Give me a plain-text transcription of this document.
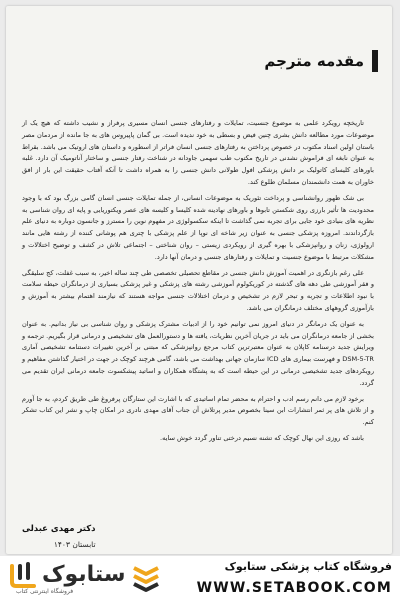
مقدمه مترجم

تاریخچه رویکرد علمی به موضوع جنسیت، تمایلات و رفتارهای جنسی انسان مسیری پرفراز و نشیب داشته که هیچ یک از موضوعات مورد مطالعه دانش بشری چنین فیض و بسطی به خود ندیده است. بی گمان پاپیروس های به جا مانده از مردمان مصر باستان اولین اسناد مکتوب در خصوص پرداختن به رفتارهای جنسی انسان فراتر از اسطوره و داستان های اروتیک می باشد. بقراط به عنوان نابغه ای فراموش نشدنی در تاریخ مکتوب طب سهمی جاودانه در شناخت رفتار جنسی و ساختار آناتومیک آن دارد. غلبه باورهای کلیسای کاتولیک بر دانش پزشکی افول طولانی دانش جنسی را به همراه داشت تا آنکه آفتاب حقیقت این بار از افق خاوران به همت دانشمندان مسلمان طلوع کند.

بی شک ظهور روانشناسی و پرداخت تئوریک به موضوعات انسانی، از جمله تمایلات جنسی انسان گامی بزرگ بود که با وجود محدودیت ها تأثیر بارزی روی شکستن تابوها و باورهای نهادینه شده کلیسا و کلیسه های عصر ویکتوریایی و پایه ای روان شناسی به نظریه های بنیادی خود جایی برای تجربه نمی گذاشت تا اینکه سکسولوژی در مفهوم نوین را مسترز و جانسون دوباره به دنیای علم بازگرداندند. امروزه پزشکی جنسی به عنوان زیر شاخه ای نوپا از علم پزشکی با چتری هم پوشانی کننده از رشته هایی مانند ارولوژی، زنان و روانپزشکی با بهره گیری از رویکردی زیستی – روان شناختی – اجتماعی تلاش در کشف و توضیح اختلالات و مشکلات مرتبط با موضوع جنسیت و تمایلات و رفتارهای جنسی و درمان آنها دارد.

علی رغم بازنگری در اهمیت آموزش دانش جنسی در مقاطع تحصیلی تخصصی طی چند ساله اخیر، به سبب غفلت، کج سلیقگی و فقر آموزشی طی دهه های گذشته در کوریکولوم آموزشی رشته های پزشکی و غیر پزشکی بسیاری از درمانگران حیطه سلامت با نبود اطلاعات و تجربه و تبحر لازم در تشخیص و درمان اختلالات جنسی مواجه هستند که نیازمند اهتمام بیشتر به آموزش و بازآموزی گروههای مختلف درمانگران می باشد.

به عنوان یک درمانگر در دنیای امروز نمی توانیم خود را از ادبیات مشترک پزشکی و روان شناسی بی نیاز بدانیم. به عنوان بخشی از جامعه درمانگران می باید در جریان آخرین نظریات، یافته ها و دستورالعمل های تشخیصی و درمانی قرار بگیریم. ترجمه و ویرایش جدید درسنامه کاپلان به عنوان معتبرترین کتاب مرجع روانپزشکی که مبتنی بر آخرین تغییرات دستنامه تشخیصی آماری DSM-5-TR و فهرست بیماری های ICD سازمان جهانی بهداشت می باشد، گامی هرچند کوچک در جهت در اختیار گذاشتن مفاهیم و رویکردهای جدید تشخیصی درمانی در این حیطه است که به پشتگاه همکاران و اساتید پیشکسوت جامعه درمانی ایران تقدیم می گردد.

برخود لازم می دانم رسم ادب و احترام به محضر تمام اساتیدی که با اشارت این ستارگان پرفروغ طی طریق کردم، به جا آورم و از تلاش های پر ثمر انتشارات ابن سینا بخصوص مدیر پرتلاش آن جناب آقای مهدی نادری در امکان چاپ و نشر این کتاب تشکر کنم.

باشد که روزی این نهال کوچک که تشنه نسیم درختی تناور گردد خوش سایه.

دکتر مهدی عبدلی
تابستان ۱۴۰۳
ستابوک
فروشگاه اینترنتی کتاب
فروشگاه کتاب پزشکی ستابوک
WWW.SETABOOK.COM
